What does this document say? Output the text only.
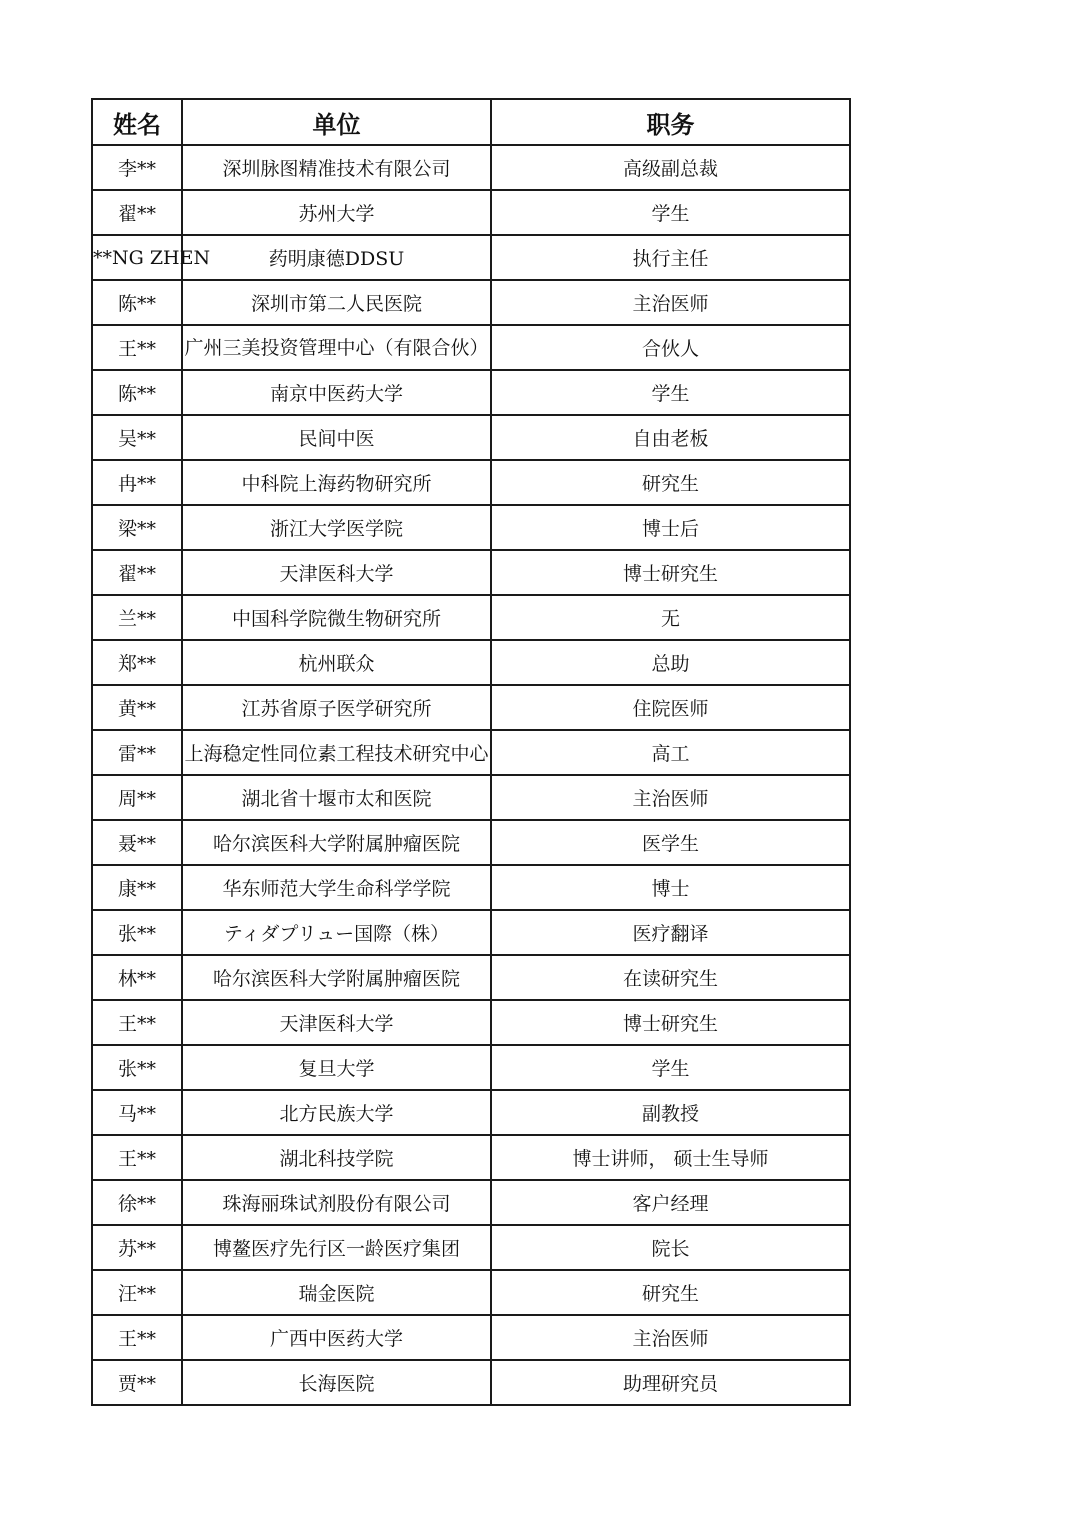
姓名	单位	职务
李**	深圳脉图精准技术有限公司	高级副总裁
翟**	苏州大学	学生
**NG ZHEN	药明康德DDSU	执行主任
陈**	深圳市第二人民医院	主治医师
王**	广州三美投资管理中心（有限合伙）	合伙人
陈**	南京中医药大学	学生
吴**	民间中医	自由老板
冉**	中科院上海药物研究所	研究生
梁**	浙江大学医学院	博士后
翟**	天津医科大学	博士研究生
兰**	中国科学院微生物研究所	无
郑**	杭州联众	总助
黄**	江苏省原子医学研究所	住院医师
雷**	上海稳定性同位素工程技术研究中心	高工
周**	湖北省十堰市太和医院	主治医师
聂**	哈尔滨医科大学附属肿瘤医院	医学生
康**	华东师范大学生命科学学院	博士
张**	ティダプリュー国際（株）	医疗翻译
林**	哈尔滨医科大学附属肿瘤医院	在读研究生
王**	天津医科大学	博士研究生
张**	复旦大学	学生
马**	北方民族大学	副教授
王**	湖北科技学院	博士讲师， 硕士生导师
徐**	珠海丽珠试剂股份有限公司	客户经理
苏**	博鳌医疗先行区一龄医疗集团	院长
汪**	瑞金医院	研究生
王**	广西中医药大学	主治医师
贾**	长海医院	助理研究员
